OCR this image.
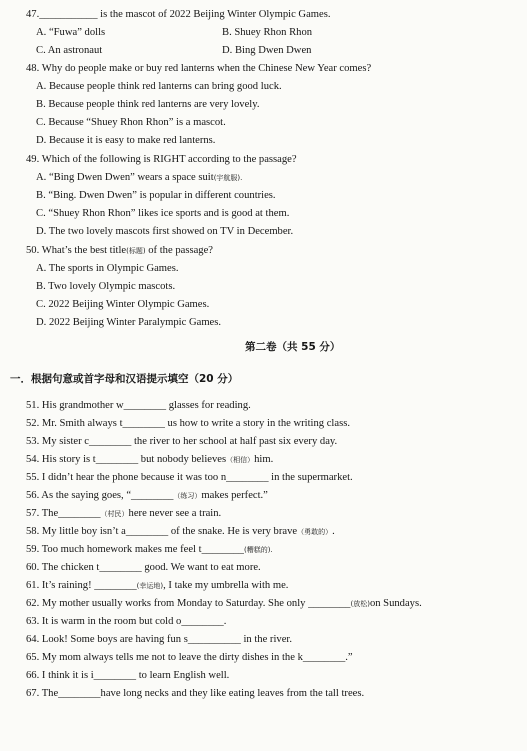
47.___________ is the mascot of 2022 Beijing Winter Olympic Games.
A. “Fuwa” dolls	B. Shuey Rhon Rhon
C. An astronaut	D. Bing Dwen Dwen
48. Why do people make or buy red lanterns when the Chinese New Year comes?
A. Because people think red lanterns can bring good luck.
B. Because people think red lanterns are very lovely.
C. Because “Shuey Rhon Rhon” is a mascot.
D. Because it is easy to make red lanterns.
49. Which of the following is RIGHT according to the passage?
A. “Bing Dwen Dwen” wears a space suit(宇航服).
B. “Bing. Dwen Dwen” is popular in different countries.
C. “Shuey Rhon Rhon” likes ice sports and is good at them.
D. The two lovely mascots first showed on TV in December.
50. What’s the best title(标题) of the passage?
A. The sports in Olympic Games.
B. Two lovely Olympic mascots.
C. 2022 Beijing Winter Olympic Games.
D. 2022 Beijing Winter Paralympic Games.
第二卷（共 55 分）
一．根据句意或首字母和汉语提示填空（20 分）
51. His grandmother w________ glasses for reading.
52. Mr. Smith always t________ us how to write a story in the writing class.
53. My sister c________ the river to her school at half past six every day.
54. His story is t________ but nobody believes（相信）him.
55. I didn’t hear the phone because it was too n________ in the supermarket.
56. As the saying goes, “________（练习）makes perfect.”
57. The________（村民）here never see a train.
58. My little boy isn’t a________ of the snake. He is very brave（勇敢的）.
59. Too much homework makes me feel t________(糟糕的).
60. The chicken t________ good. We want to eat more.
61. It’s raining! ________(幸运地), I take my umbrella with me.
62. My mother usually works from Monday to Saturday. She only ________(放松)on Sundays.
63. It is warm in the room but cold o________.
64. Look! Some boys are having fun s__________ in the river.
65. My mom always tells me not to leave the dirty dishes in the k________.”
66. I think it is i________ to learn English well.
67. The________have long necks and they like eating leaves from the tall trees.
